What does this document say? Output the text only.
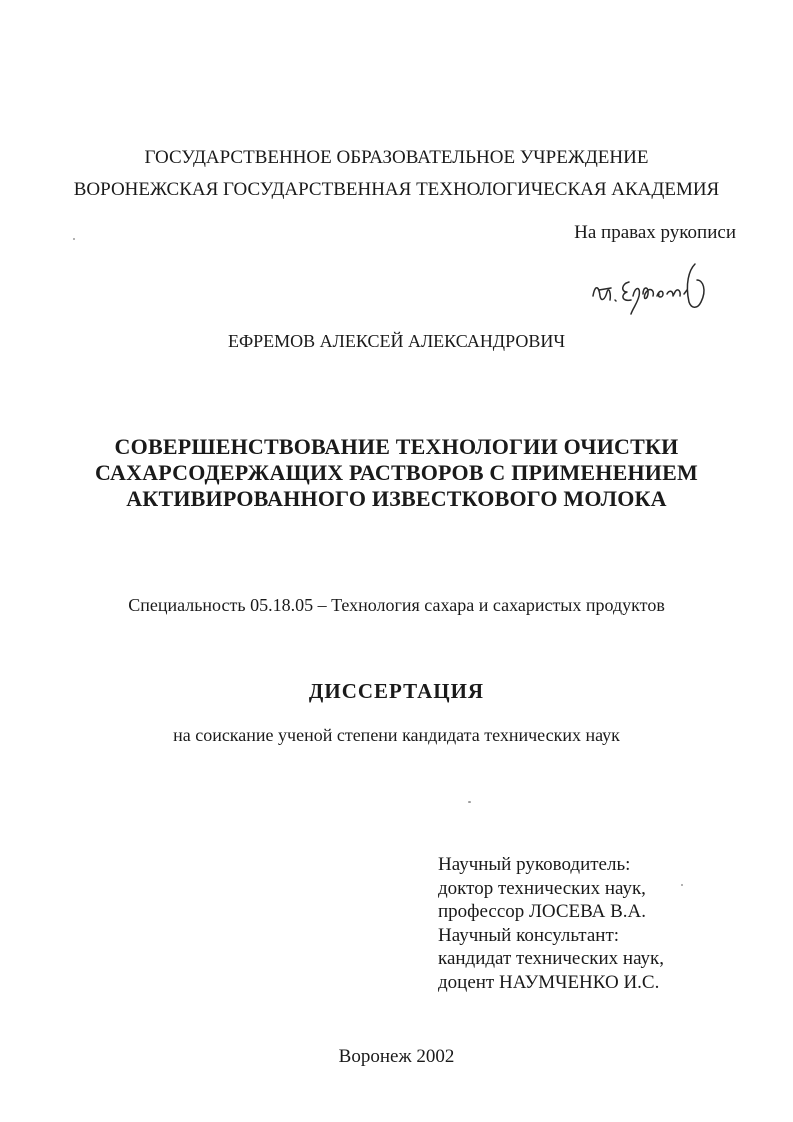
ГОСУДАРСТВЕННОЕ ОБРАЗОВАТЕЛЬНОЕ УЧРЕЖДЕНИЕ
ВОРОНЕЖСКАЯ ГОСУДАРСТВЕННАЯ ТЕХНОЛОГИЧЕСКАЯ АКАДЕМИЯ
На правах рукописи
ЕФРЕМОВ АЛЕКСЕЙ АЛЕКСАНДРОВИЧ
СОВЕРШЕНСТВОВАНИЕ ТЕХНОЛОГИИ ОЧИСТКИ
САХАРСОДЕРЖАЩИХ РАСТВОРОВ С ПРИМЕНЕНИЕМ
АКТИВИРОВАННОГО ИЗВЕСТКОВОГО МОЛОКА
Специальность 05.18.05 – Технология сахара и сахаристых продуктов
ДИССЕРТАЦИЯ
на соискание ученой степени кандидата технических наук
Научный руководитель:
доктор технических наук,
профессор ЛОСЕВА В.А.
Научный консультант:
кандидат технических наук,
доцент НАУМЧЕНКО И.С.
Воронеж 2002
